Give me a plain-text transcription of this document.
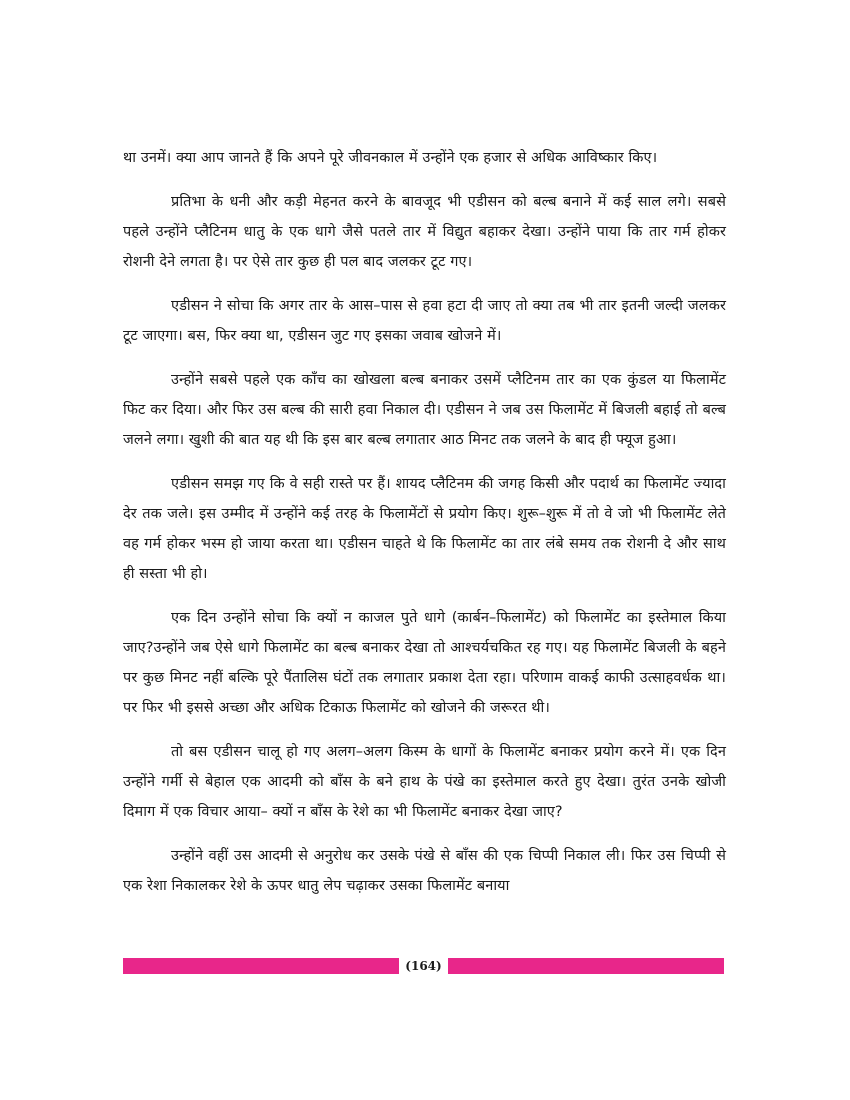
था उनमें। क्या आप जानते हैं कि अपने पूरे जीवनकाल में उन्होंने एक हजार से अधिक आविष्कार किए।

प्रतिभा के धनी और कड़ी मेहनत करने के बावजूद भी एडीसन को बल्ब बनाने में कई साल लगे। सबसे पहले उन्होंने प्लैटिनम धातु के एक धागे जैसे पतले तार में विद्युत बहाकर देखा। उन्होंने पाया कि तार गर्म होकर रोशनी देने लगता है। पर ऐसे तार कुछ ही पल बाद जलकर टूट गए।

एडीसन ने सोचा कि अगर तार के आस–पास से हवा हटा दी जाए तो क्या तब भी तार इतनी जल्दी जलकर टूट जाएगा। बस, फिर क्या था, एडीसन जुट गए इसका जवाब खोजने में।

उन्होंने सबसे पहले एक काँच का खोखला बल्ब बनाकर उसमें प्लैटिनम तार का एक कुंडल या फिलामेंट फिट कर दिया। और फिर उस बल्ब की सारी हवा निकाल दी। एडीसन ने जब उस फिलामेंट में बिजली बहाई तो बल्ब जलने लगा। खुशी की बात यह थी कि इस बार बल्ब लगातार आठ मिनट तक जलने के बाद ही फ्यूज हुआ।

एडीसन समझ गए कि वे सही रास्ते पर हैं। शायद प्लैटिनम की जगह किसी और पदार्थ का फिलामेंट ज्यादा देर तक जले। इस उम्मीद में उन्होंने कई तरह के फिलामेंटों से प्रयोग किए। शुरू–शुरू में तो वे जो भी फिलामेंट लेते वह गर्म होकर भस्म हो जाया करता था। एडीसन चाहते थे कि फिलामेंट का तार लंबे समय तक रोशनी दे और साथ ही सस्ता भी हो।

एक दिन उन्होंने सोचा कि क्यों न काजल पुते धागे (कार्बन–फिलामेंट) को फिलामेंट का इस्तेमाल किया जाए?उन्होंने जब ऐसे धागे फिलामेंट का बल्ब बनाकर देखा तो आश्चर्यचकित रह गए। यह फिलामेंट बिजली के बहने पर कुछ मिनट नहीं बल्कि पूरे पैंतालिस घंटों तक लगातार प्रकाश देता रहा। परिणाम वाकई काफी उत्साहवर्धक था। पर फिर भी इससे अच्छा और अधिक टिकाऊ फिलामेंट को खोजने की जरूरत थी।

तो बस एडीसन चालू हो गए अलग–अलग किस्म के धागों के फिलामेंट बनाकर प्रयोग करने में। एक दिन उन्होंने गर्मी से बेहाल एक आदमी को बाँस के बने हाथ के पंखे का इस्तेमाल करते हुए देखा। तुरंत उनके खोजी दिमाग में एक विचार आया– क्यों न बाँस के रेशे का भी फिलामेंट बनाकर देखा जाए?

उन्होंने वहीं उस आदमी से अनुरोध कर उसके पंखे से बाँस की एक चिप्पी निकाल ली। फिर उस चिप्पी से एक रेशा निकालकर रेशे के ऊपर धातु लेप चढ़ाकर उसका फिलामेंट बनाया

(164)
